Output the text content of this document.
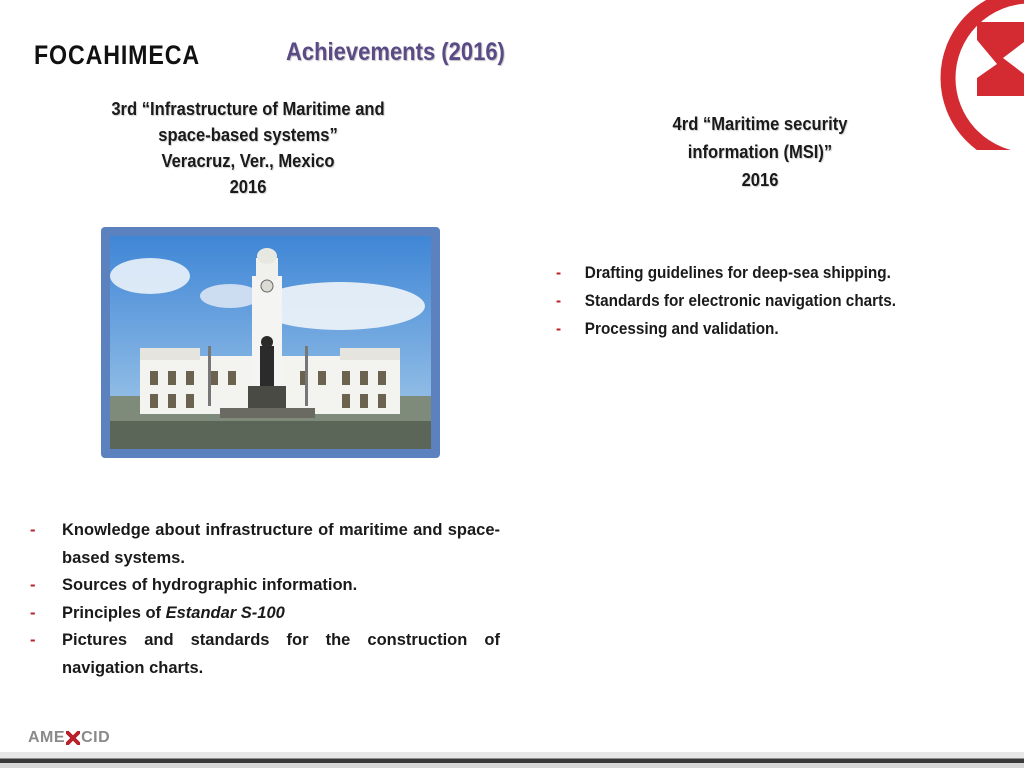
FOCAHIMECA	Achievements (2016)
3rd “Infrastructure of Maritime and
space-based systems”
Veracruz, Ver., Mexico
2016
4rd “Maritime security
information (MSI)”
2016
- Drafting guidelines for deep-sea shipping.
- Standards for electronic navigation charts.
- Processing and validation.
- Knowledge about infrastructure of maritime and space-based systems.
- Sources of hydrographic information.
- Principles of Estandar S-100
- Pictures and standards for the construction of navigation charts.
AME CID
